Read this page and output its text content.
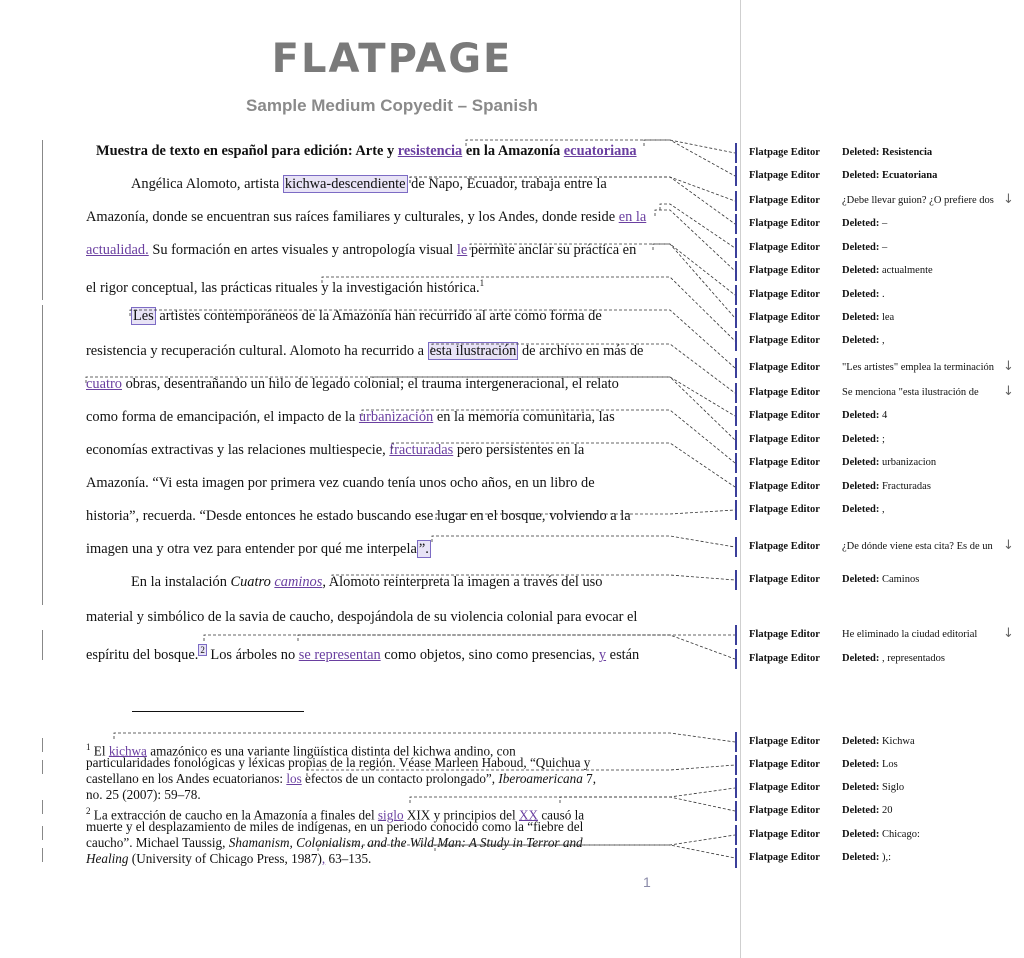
FLATPAGE
Sample Medium Copyedit – Spanish
Muestra de texto en español para edición: Arte y resistencia en la Amazonía ecuatoriana
Angélica Alomoto, artista kichwa-descendiente de Napo, Ecuador, trabaja entre la
Amazonía, donde se encuentran sus raíces familiares y culturales, y los Andes, donde reside en la
actualidad. Su formación en artes visuales y antropología visual le permite anclar su práctica en
el rigor conceptual, las prácticas rituales y la investigación histórica.$^1$
Les artistes contemporáneos de la Amazonía han recurrido al arte como forma de
resistencia y recuperación cultural. Alomoto ha recurrido a esta ilustración de archivo en más de
cuatro obras, desentrañando un hilo de legado colonial; el trauma intergeneracional, el relato
como forma de emancipación, el impacto de la urbanización en la memoria comunitaria, las
economías extractivas y las relaciones multiespecie, fracturadas pero persistentes en la
Amazonía. “Vi esta imagen por primera vez cuando tenía unos ocho años, en un libro de
historia”, recuerda. “Desde entonces he estado buscando ese lugar en el bosque, volviendo a la
imagen una y otra vez para entender por qué me interpela ”.
En la instalación Cuatro caminos, Alomoto reinterpreta la imagen a través del uso
material y simbólico de la savia de caucho, despojándola de su violencia colonial para evocar el
espíritu del bosque. $^2$ Los árboles no se representan como objetos, sino como presencias, y están
$^1$ El kichwa amazónico es una variante lingüística distinta del kichwa andino, con
particularidades fonológicas y léxicas propias de la región. Véase Marleen Haboud, “Quichua y
castellano en los Andes ecuatorianos: los efectos de un contacto prolongado”, Iberoamericana 7,
no. 25 (2007): 59–78.
$^2$ La extracción de caucho en la Amazonía a finales del siglo XIX y principios del XX causó la
muerte y el desplazamiento de miles de indígenas, en un periodo conocido como la “fiebre del
caucho”. Michael Taussig, Shamanism, Colonialism, and the Wild Man: A Study in Terror and
Healing (University of Chicago Press, 1987), 63–135.
1
Flatpage Editor Deleted: Resistencia
Flatpage Editor Deleted: Ecuatoriana
Flatpage Editor ¿Debe llevar guion? ¿O prefiere dos ↓
Flatpage Editor Deleted: –
Flatpage Editor Deleted: –
Flatpage Editor Deleted: actualmente
Flatpage Editor Deleted: .
Flatpage Editor Deleted: lea
Flatpage Editor Deleted: ,
Flatpage Editor "Les artistes" emplea la terminación ↓
Flatpage Editor Se menciona "esta ilustración de ↓
Flatpage Editor Deleted: 4
Flatpage Editor Deleted: ;
Flatpage Editor Deleted: urbanizacion
Flatpage Editor Deleted: Fracturadas
Flatpage Editor Deleted: ,
Flatpage Editor ¿De dónde viene esta cita? Es de un ↓
Flatpage Editor Deleted: Caminos
Flatpage Editor He eliminado la ciudad editorial ↓
Flatpage Editor Deleted: , representados
Flatpage Editor Deleted: Kichwa
Flatpage Editor Deleted: Los
Flatpage Editor Deleted: Siglo
Flatpage Editor Deleted: 20
Flatpage Editor Deleted: Chicago:
Flatpage Editor Deleted: ),:
